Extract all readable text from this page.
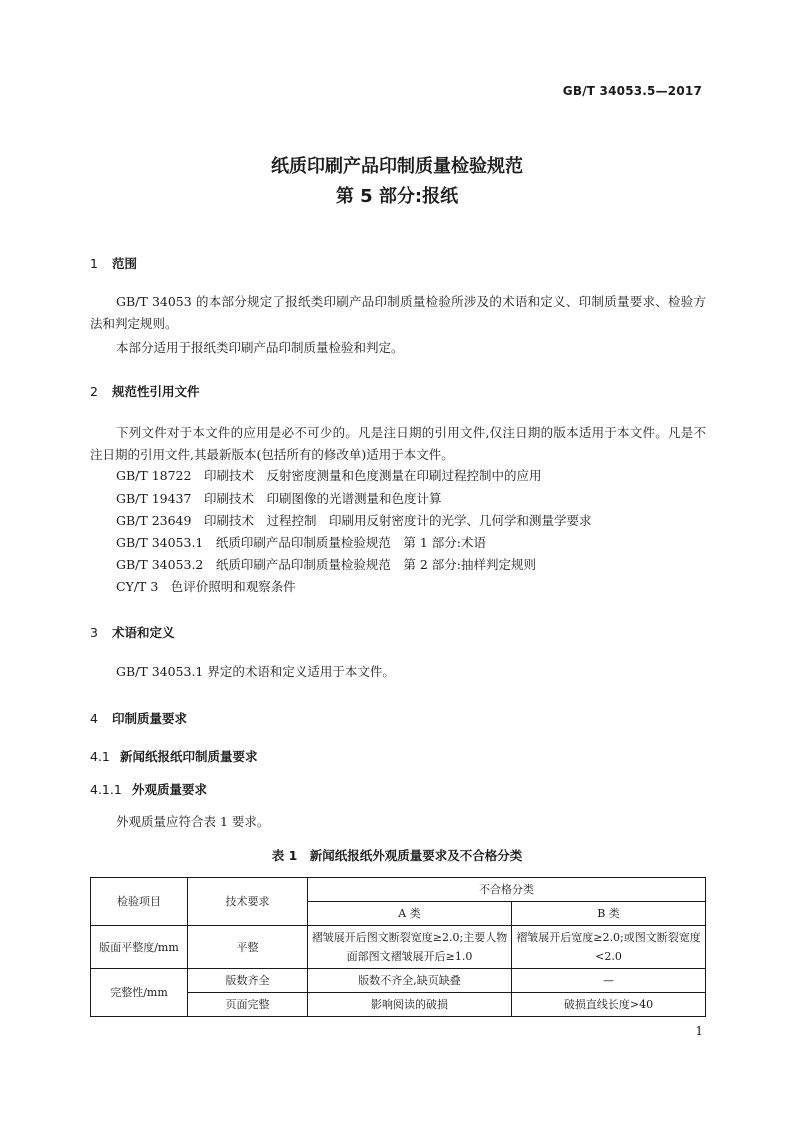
GB/T 34053.5—2017
纸质印刷产品印制质量检验规范
第 5 部分:报纸
1 范围
GB/T 34053 的本部分规定了报纸类印刷产品印制质量检验所涉及的术语和定义、印制质量要求、检验方法和判定规则。
本部分适用于报纸类印刷产品印制质量检验和判定。
2 规范性引用文件
下列文件对于本文件的应用是必不可少的。凡是注日期的引用文件,仅注日期的版本适用于本文件。凡是不注日期的引用文件,其最新版本(包括所有的修改单)适用于本文件。
GB/T 18722　印刷技术　反射密度测量和色度测量在印刷过程控制中的应用
GB/T 19437　印刷技术　印刷图像的光谱测量和色度计算
GB/T 23649　印刷技术　过程控制　印刷用反射密度计的光学、几何学和测量学要求
GB/T 34053.1　纸质印刷产品印制质量检验规范　第 1 部分:术语
GB/T 34053.2　纸质印刷产品印制质量检验规范　第 2 部分:抽样判定规则
CY/T 3　色评价照明和观察条件
3 术语和定义
GB/T 34053.1 界定的术语和定义适用于本文件。
4 印制质量要求
4.1 新闻纸报纸印制质量要求
4.1.1 外观质量要求
外观质量应符合表 1 要求。
表 1　新闻纸报纸外观质量要求及不合格分类
检验项目	技术要求	不合格分类	
		A 类	B 类
版面平整度/mm	平整	褶皱展开后图文断裂宽度≥2.0;主要人物面部图文褶皱展开后≥1.0	褶皱展开后宽度≥2.0;或图文断裂宽度<2.0
完整性/mm	版数齐全	版数不齐全,缺页缺叠	—
	页面完整	影响阅读的破损	破损直线长度>40
1
